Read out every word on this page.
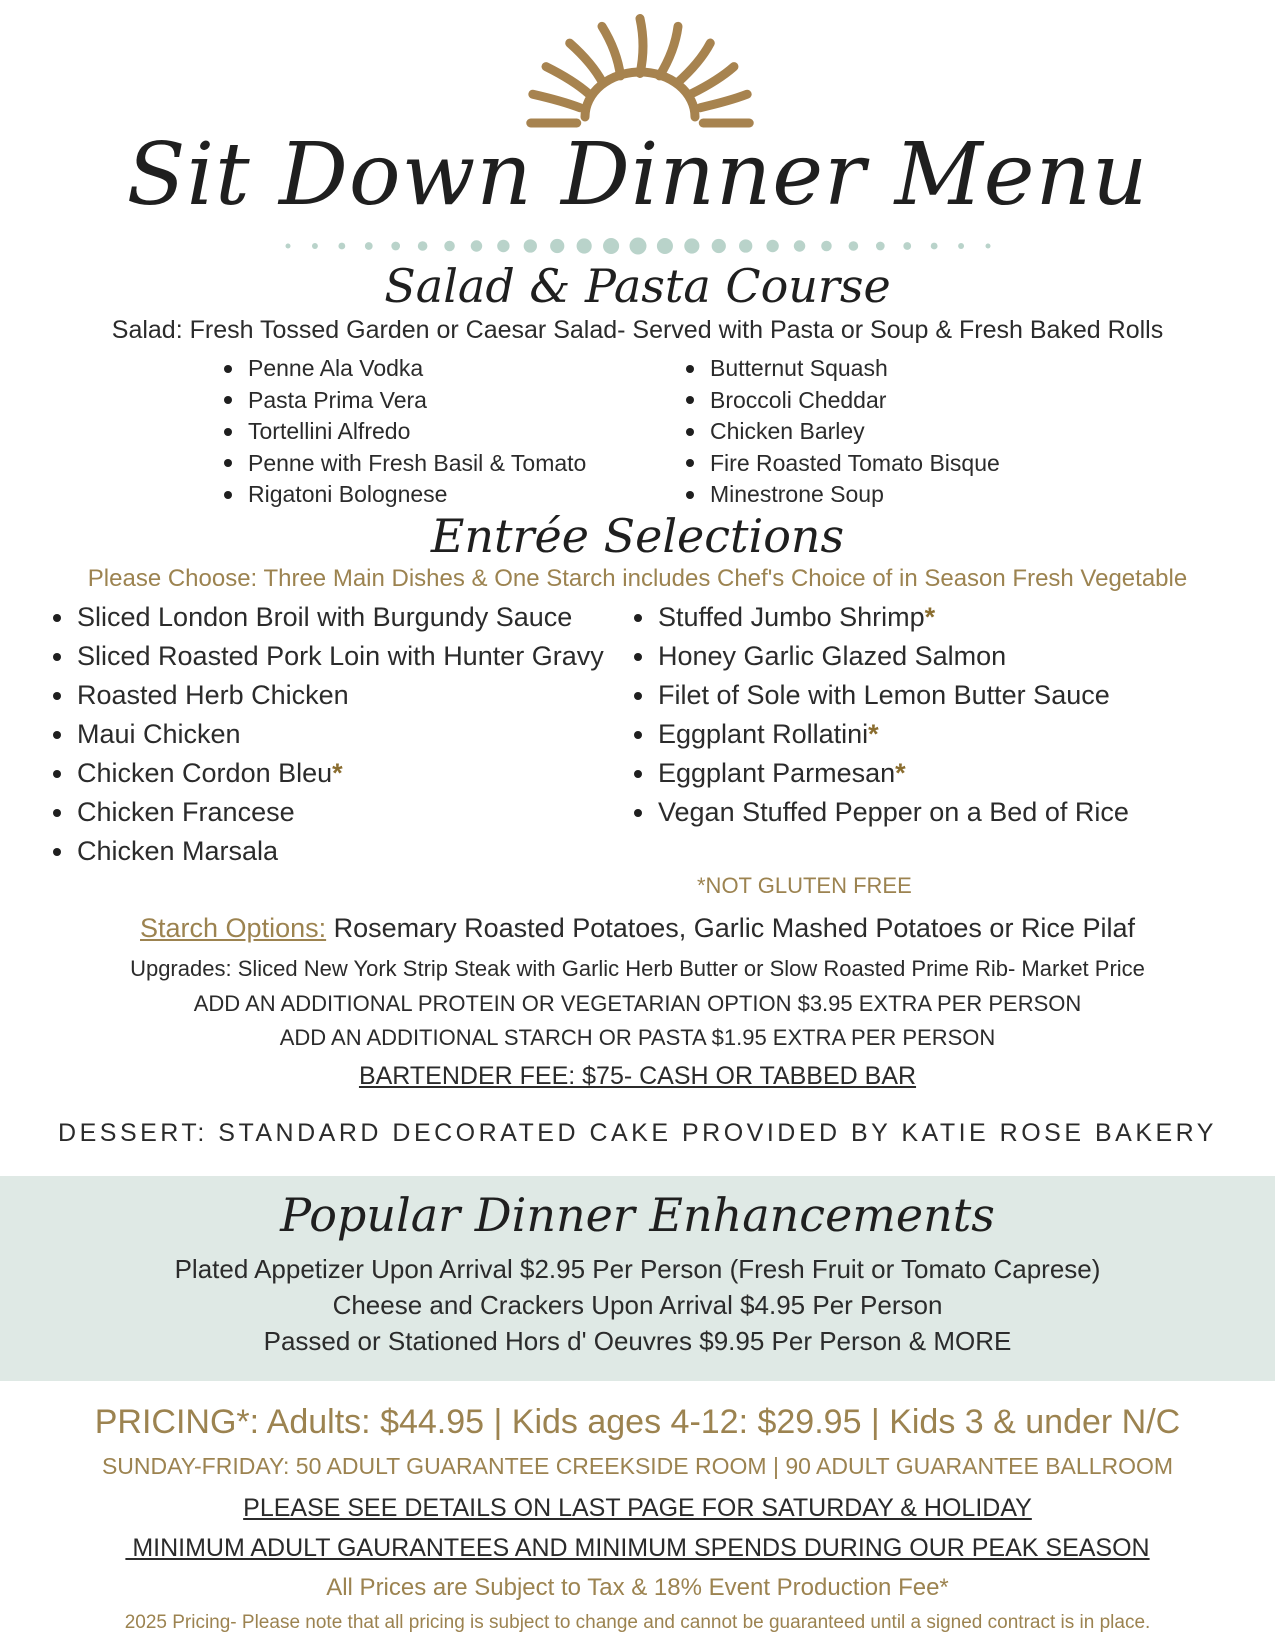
Sit Down Dinner Menu
Salad & Pasta Course
Salad: Fresh Tossed Garden or Caesar Salad- Served with Pasta or Soup & Fresh Baked Rolls
Penne Ala Vodka
Pasta Prima Vera
Tortellini Alfredo
Penne with Fresh Basil & Tomato
Rigatoni Bolognese
Butternut Squash
Broccoli Cheddar
Chicken Barley
Fire Roasted Tomato Bisque
Minestrone Soup
Entrée Selections
Please Choose: Three Main Dishes & One Starch includes Chef's Choice of in Season Fresh Vegetable
Sliced London Broil with Burgundy Sauce
Sliced Roasted Pork Loin with Hunter Gravy
Roasted Herb Chicken
Maui Chicken
Chicken Cordon Bleu*
Chicken Francese
Chicken Marsala
Stuffed Jumbo Shrimp*
Honey Garlic Glazed Salmon
Filet of Sole with Lemon Butter Sauce
Eggplant Rollatini*
Eggplant Parmesan*
Vegan Stuffed Pepper on a Bed of Rice
*NOT GLUTEN FREE
Starch Options: Rosemary Roasted Potatoes, Garlic Mashed Potatoes or Rice Pilaf
Upgrades: Sliced New York Strip Steak with Garlic Herb Butter or Slow Roasted Prime Rib- Market Price
ADD AN ADDITIONAL PROTEIN OR VEGETARIAN OPTION $3.95 EXTRA PER PERSON
ADD AN ADDITIONAL STARCH OR PASTA $1.95 EXTRA PER PERSON
BARTENDER FEE: $75- CASH OR TABBED BAR
DESSERT: STANDARD DECORATED CAKE PROVIDED BY KATIE ROSE BAKERY
Popular Dinner Enhancements
Plated Appetizer Upon Arrival $2.95 Per Person (Fresh Fruit or Tomato Caprese)
Cheese and Crackers Upon Arrival $4.95 Per Person
Passed or Stationed Hors d' Oeuvres $9.95 Per Person & MORE
PRICING*: Adults: $44.95 | Kids ages 4-12: $29.95 | Kids 3 & under N/C
SUNDAY-FRIDAY: 50 ADULT GUARANTEE CREEKSIDE ROOM | 90 ADULT GUARANTEE BALLROOM
PLEASE SEE DETAILS ON LAST PAGE FOR SATURDAY & HOLIDAY
MINIMUM ADULT GAURANTEES AND MINIMUM SPENDS DURING OUR PEAK SEASON
All Prices are Subject to Tax & 18% Event Production Fee*
2025 Pricing- Please note that all pricing is subject to change and cannot be guaranteed until a signed contract is in place.
